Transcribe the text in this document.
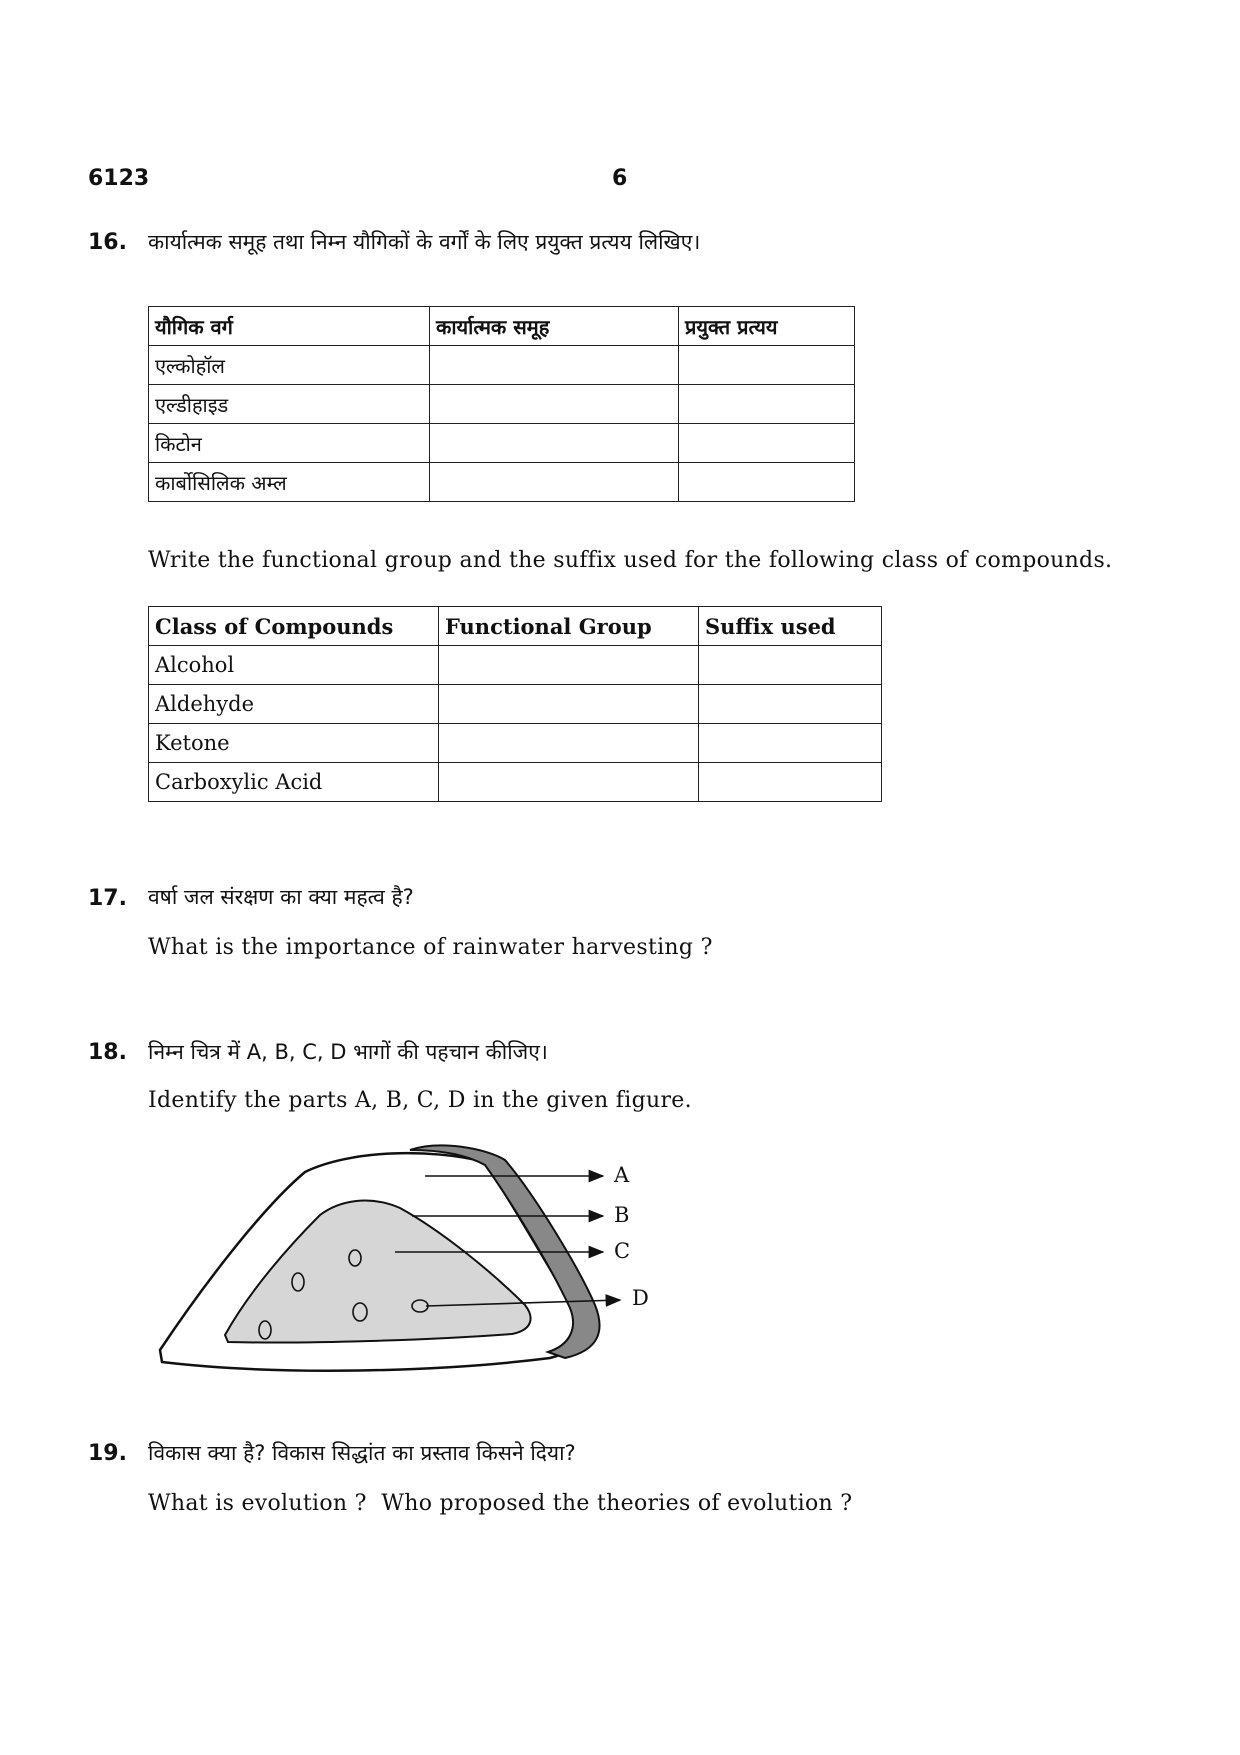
6123	6
16. कार्यात्मक समूह तथा निम्न यौगिकों के वर्गों के लिए प्रयुक्त प्रत्यय लिखिए।
यौगिक वर्ग	कार्यात्मक समूह	प्रयुक्त प्रत्यय
एल्कोहॉल		
एल्डीहाइड		
किटोन		
कार्बोसिलिक अम्ल		
Write the functional group and the suffix used for the following class of compounds.
Class of Compounds	Functional Group	Suffix used
Alcohol		
Aldehyde		
Ketone		
Carboxylic Acid		
17. वर्षा जल संरक्षण का क्या महत्व है?
What is the importance of rainwater harvesting ?
18. निम्न चित्र में A, B, C, D भागों की पहचान कीजिए।
Identify the parts A, B, C, D in the given figure.
A
B
C
D
19. विकास क्या है? विकास सिद्धांत का प्रस्ताव किसने दिया?
What is evolution ?  Who proposed the theories of evolution ?
